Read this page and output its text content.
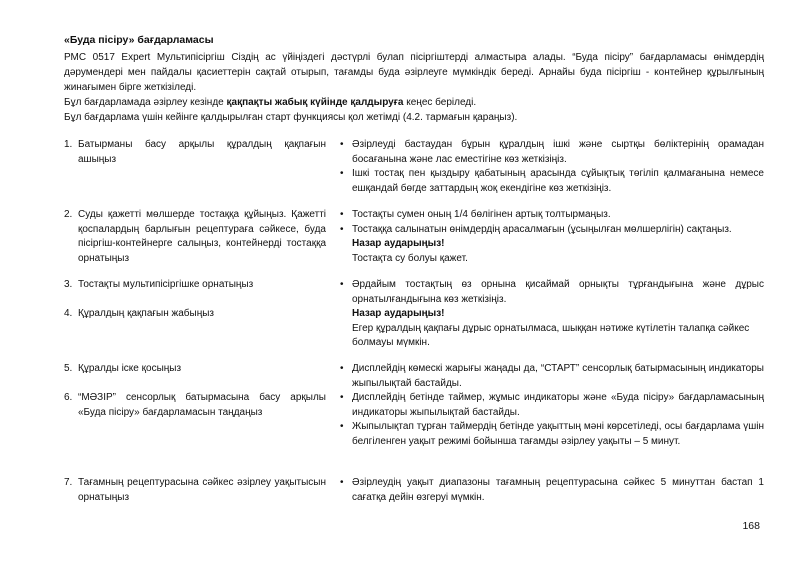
«Буда пісіру» бағдарламасы

РМС 0517 Expert Мультипісіргіш Сіздің ас үйіңіздегі дәстүрлі булап пісіргіштерді алмастыра алады. “Буда пісіру” бағдарламасы өнімдердің дәрумендері мен пайдалы қасиеттерін сақтай отырып, тағамды буда әзірлеуге мүмкіндік береді. Арнайы буда пісіргіш - контейнер құрылғының жинағымен бірге жеткізіледі.

Бұл бағдарламада әзірлеу кезінде қақпақты жабық күйінде қалдыруға кеңес беріледі.

Бұл бағдарлама үшін кейінге қалдырылған старт функциясы қол жетімді (4.2. тармағын қараңыз).

1. Батырманы басу арқылы құралдың қақпағын ашыңыз
• Әзірлеуді бастаудан бұрын құралдың ішкі және сыртқы бөліктерінің орамадан босағанына және лас еместігіне көз жеткізіңіз.
• Ішкі тостақ пен қыздыру қабатының арасында сұйықтық төгіліп қалмағанына немесе ешқандай бөгде заттардың жоқ екендігіне көз жеткізіңіз.
2. Суды қажетті мөлшерде тостаққа құйыңыз. Қажетті қоспалардың барлығын рецептураға сәйкесе, буда пісіргіш-контейнерге салыңыз, контейнерді тостаққа орнатыңыз
• Тостақты сумен оның 1/4 бөлігінен артық толтырмаңыз.
• Тостаққа салынатын өнімдердің арасалмағын (ұсыңылған мөлшерлігін) сақтаңыз.
Назар аударыңыз!
Тостақта су болуы қажет.
3. Тостақты мультипісіргішке орнатыңыз
4. Құралдың қақпағын жабыңыз
• Әрдайым тостақтың өз орнына қисаймай орнықты тұрғандығына және дұрыс орнатылғандығына көз жеткізіңіз.
Назар аударыңыз!
Егер құралдың қақпағы дұрыс орнатылмаса, шыққан нәтиже күтілетін талапқа сәйкес болмауы мүмкін.
5. Құралды іске қосыңыз
6. “МӘЗІР” сенсорлық батырмасына басу арқылы «Буда пісіру» бағдарламасын таңдаңыз
• Дисплейдің көмескі жарығы жаңады да, “СТАРТ” сенсорлық батырмасының индикаторы жыпылықтай бастайды.
• Дисплейдің бетінде таймер, жұмыс индикаторы және «Буда пісіру» бағдарламасының индикаторы жыпылықтай бастайды.
• Жыпылықтап тұрған таймердің бетінде уақыттың мәні көрсетіледі, осы бағдарлама үшін белгіленген уақыт режимі бойынша тағамды әзірлеу уақыты – 5 минут.
7. Тағамның рецептурасына сәйкес әзірлеу уақытысын орнатыңыз
• Әзірлеудің уақыт диапазоны тағамның рецептурасына сәйкес 5 минуттан бастап 1 сағатқа дейін өзгеруі мүмкін.
168
